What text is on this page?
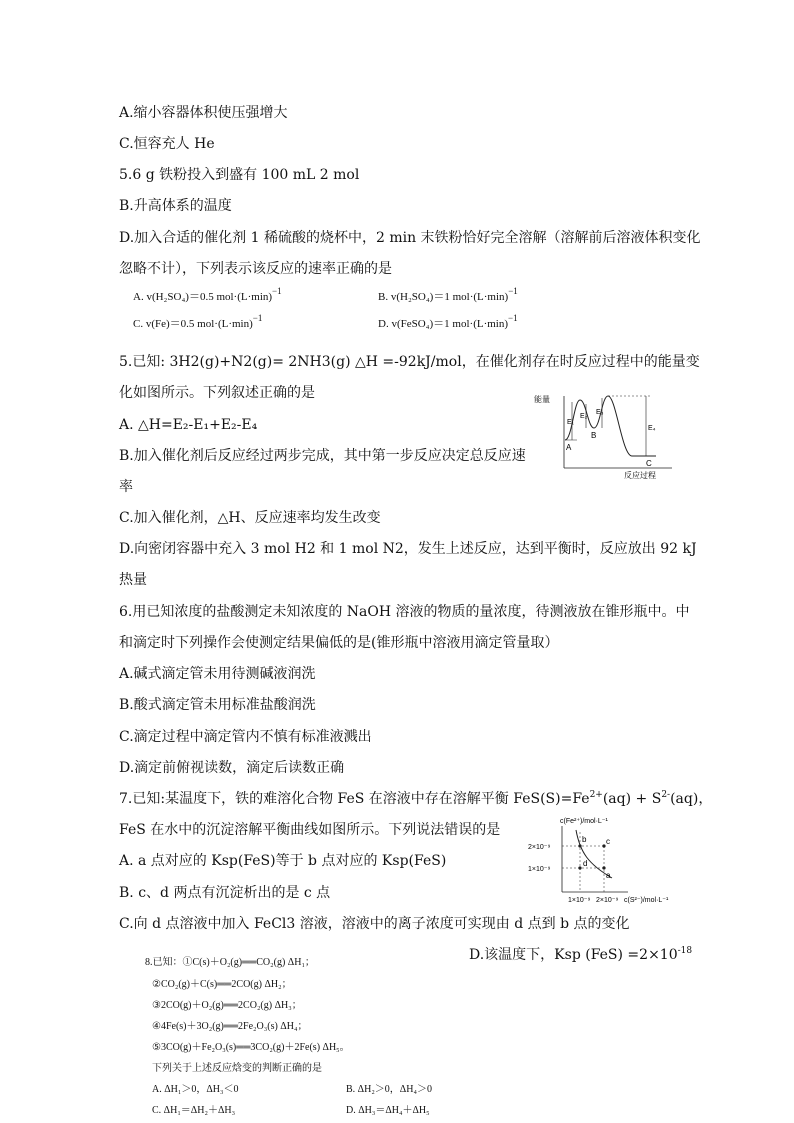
A.缩小容器体积使压强增大
C.恒容充人 He
5.6 g 铁粉投入到盛有 100 mL 2 mol
B.升高体系的温度
D.加入合适的催化剂 1 稀硫酸的烧杯中，2 min 末铁粉恰好完全溶解（溶解前后溶液体积变化
忽略不计），下列表示该反应的速率正确的是
A. v(H₂SO₄)＝0.5 $mol\cdot(L\cdot\min)^{-1}$	B. v(H₂SO₄)＝1 $mol\cdot(L\cdot\min)^{-1}$
C. v(Fe)＝0.5 $mol\cdot(L\cdot\min)^{-1}$	D. v(FeSO₄)＝1 $mol\cdot(L\cdot\min)^{-1}$
5.已知: 3H2(g)+N2(g)= 2NH3(g) △H =-92kJ/mol，在催化剂存在时反应过程中的能量变
化如图所示。下列叙述正确的是
A. △H=E₂-E₁+E₂-E₄
B.加入催化剂后反应经过两步完成，其中第一步反应决定总反应速
率
C.加入催化剂，△H、反应速率均发生改变
D.向密闭容器中充入 3 mol H2 和 1 mol N2，发生上述反应，达到平衡时，反应放出 92 kJ
热量
能量
反应过程
A
B
C
E₁
E₂
E₃
E₄
6.用已知浓度的盐酸测定未知浓度的 NaOH 溶液的物质的量浓度，待测液放在锥形瓶中。中
和滴定时下列操作会使测定结果偏低的是(锥形瓶中溶液用滴定管量取）
A.碱式滴定管未用待测碱液润洗
B.酸式滴定管未用标准盐酸润洗
C.滴定过程中滴定管内不慎有标准液溅出
D.滴定前俯视读数，滴定后读数正确
7.已知:某温度下，铁的难溶化合物 FeS 在溶液中存在溶解平衡 $FeS(S)=Fe^{2+}(aq) + S^{2-}(aq)$，
FeS 在水中的沉淀溶解平衡曲线如图所示。下列说法错误的是
A. a 点对应的 Ksp(FeS)等于 b 点对应的 Ksp(FeS)
B. c、d 两点有沉淀析出的是 c 点
C.向 d 点溶液中加入 FeCl3 溶液，溶液中的离子浓度可实现由 d 点到 b 点的变化
D.该温度下，Ksp $(FeS) =2\times 10^{-18}$
c(Fe²⁺)/mol·L⁻¹
c(S²⁻)/mol·L⁻¹
2×10⁻⁹
1×10⁻⁹
1×10⁻⁹ 2×10⁻⁹
a
b c
d
8.已知：①C(s)＋O₂(g)══CO₂(g) ΔH₁；
②CO₂(g)＋C(s)══2CO(g) ΔH₂；
③2CO(g)＋O₂(g)══2CO₂(g) ΔH₃；
④4Fe(s)＋3O₂(g)══2Fe₂O₃(s) ΔH₄；
⑤3CO(g)＋Fe₂O₃(s)══3CO₂(g)＋2Fe(s) ΔH₅。
下列关于上述反应焓变的判断正确的是
A. ΔH₁＞0，ΔH₃＜0	B. ΔH₂＞0，ΔH₄＞0
C. ΔH₁＝ΔH₂＋ΔH₃	D. ΔH₃＝ΔH₄＋ΔH₅
